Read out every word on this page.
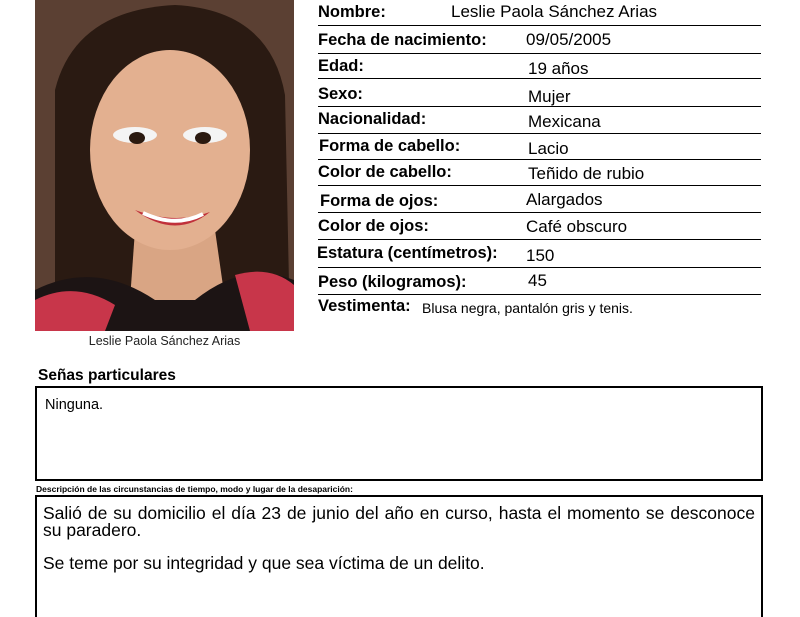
Leslie Paola Sánchez Arias
Nombre:	Leslie Paola Sánchez Arias
Fecha de nacimiento: 09/05/2005
Edad:	19 años
Sexo:	Mujer
Nacionalidad:	Mexicana
Forma de cabello:	Lacio
Color de cabello:	Teñido de rubio
Forma de ojos:	Alargados
Color de ojos:	Café obscuro
Estatura (centímetros): 150
Peso (kilogramos):	45
Vestimenta: Blusa negra, pantalón gris y tenis.
Señas particulares
Ninguna.
Descripción de las circunstancias de tiempo, modo y lugar de la desaparición:
Salió de su domicilio el día 23 de junio del año en curso, hasta el momento se desconoce su paradero.
Se teme por su integridad y que sea víctima de un delito.
